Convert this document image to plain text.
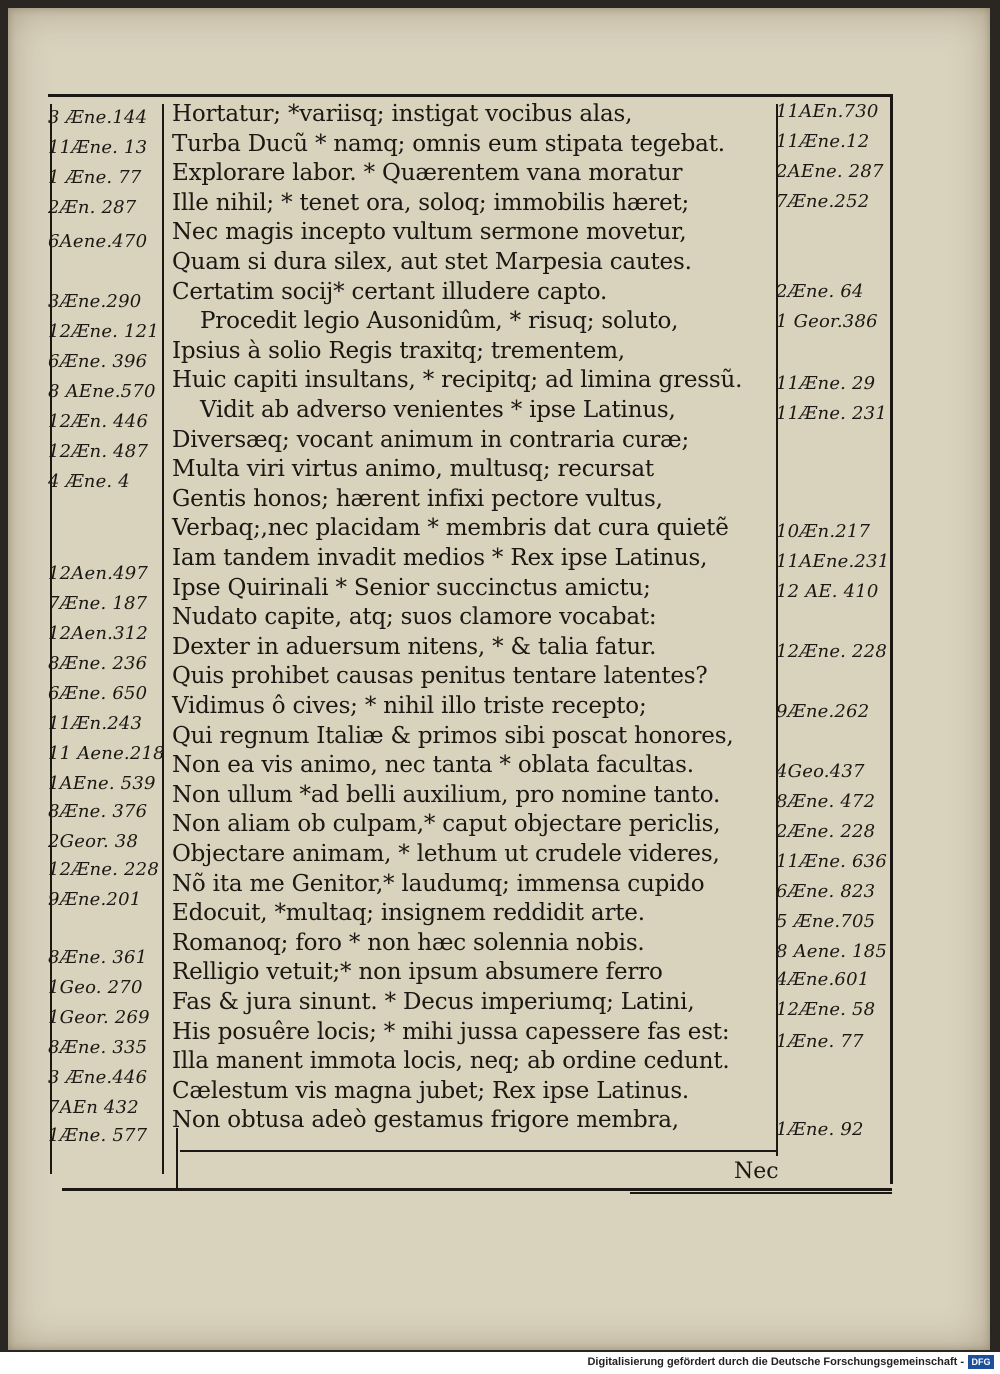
3 Æne.144
11Æne. 13
1 Æne. 77
2Æn. 287
6Aene.470
3Æne.290
12Æne. 121
6Æne. 396
8 AEne.570
12Æn. 446
12Æn. 487
4 Æne. 4
12Aen.497
7Æne. 187
12Aen.312
8Æne. 236
6Æne. 650
11Æn.243
11 Aene.218
1AEne. 539
8Æne. 376
2Geor. 38
12Æne. 228
9Æne.201
8Æne. 361
1Geo. 270
1Geor. 269
8Æne. 335
3 Æne.446
7AEn 432
1Æne. 577
Hortatur; *variisq; instigat vocibus alas,
Turba Ducũ * namq; omnis eum stipata tegebat.
Explorare labor. * Quærentem vana moratur
Ille nihil; * tenet ora, soloq; immobilis hæret;
Nec magis incepto vultum sermone movetur,
Quam si dura silex, aut stet Marpesia cautes.
Certatim socij* certant illudere capto.
Procedit legio Ausonidûm, * risuq; soluto,
Ipsius à solio Regis traxitq; trementem,
Huic capiti insultans, * recipitq; ad limina gressũ.
Vidit ab adverso venientes * ipse Latinus,
Diversæq; vocant animum in contraria curæ;
Multa viri virtus animo, multusq; recursat
Gentis honos; hærent infixi pectore vultus,
Verbaq;,nec placidam * membris dat cura quietẽ
Iam tandem invadit medios * Rex ipse Latinus,
Ipse Quirinali * Senior succinctus amictu;
Nudato capite, atq; suos clamore vocabat:
Dexter in aduersum nitens, * & talia fatur.
Quis prohibet causas penitus tentare latentes?
Vidimus ô cives; * nihil illo triste recepto;
Qui regnum Italiæ & primos sibi poscat honores,
Non ea vis animo, nec tanta * oblata facultas.
Non ullum *ad belli auxilium, pro nomine tanto.
Non aliam ob culpam,* caput objectare periclis,
Objectare animam, * lethum ut crudele videres,
Nõ ita me Genitor,* laudumq; immensa cupido
Edocuit, *multaq; insignem reddidit arte.
Romanoq; foro * non hæc solennia nobis.
Relligio vetuit;* non ipsum absumere ferro
Fas & jura sinunt. * Decus imperiumq; Latini,
His posuêre locis; * mihi jussa capessere fas est:
Illa manent immota locis, neq; ab ordine cedunt.
Cælestum vis magna jubet; Rex ipse Latinus.
Non obtusa adeò gestamus frigore membra,
11AEn.730
11Æne.12
2AEne. 287
7Æne.252
2Æne. 64
1 Geor.386
11Æne. 29
11Æne. 231
10Æn.217
11AEne.231
12 AE. 410
12Æne. 228
9Æne.262
4Geo.437
8Æne. 472
2Æne. 228
11Æne. 636
6Æne. 823
5 Æne.705
8 Aene. 185
4Æne.601
12Æne. 58
1Æne. 77
1Æne. 92
Nec
Digitalisierung gefördert durch die Deutsche Forschungsgemeinschaft - DFG
